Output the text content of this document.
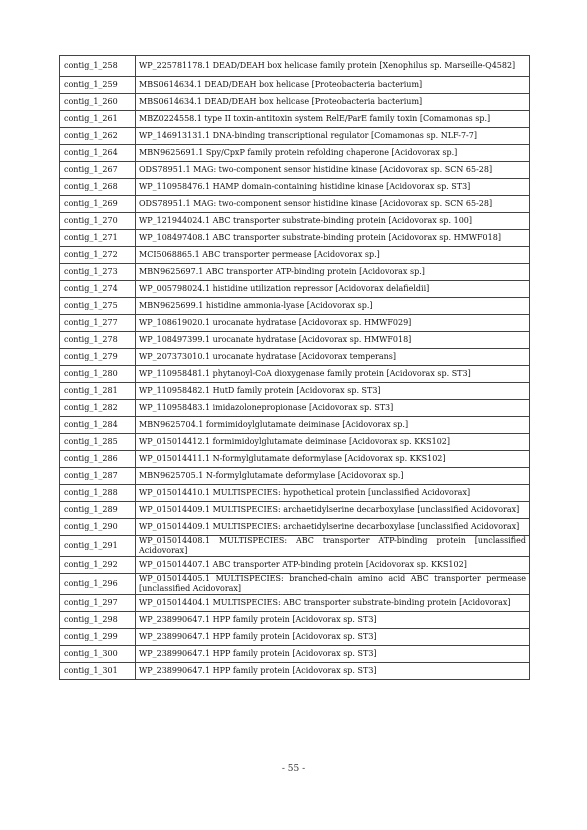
contig_1_258	WP_225781178.1 DEAD/DEAH box helicase family protein [Xenophilus sp. Marseille-Q4582]
contig_1_259	MBS0614634.1 DEAD/DEAH box helicase [Proteobacteria bacterium]
contig_1_260	MBS0614634.1 DEAD/DEAH box helicase [Proteobacteria bacterium]
contig_1_261	MBZ0224558.1 type II toxin-antitoxin system RelE/ParE family toxin [Comamonas sp.]
contig_1_262	WP_146913131.1 DNA-binding transcriptional regulator [Comamonas sp. NLF-7-7]
contig_1_264	MBN9625691.1 Spy/CpxP family protein refolding chaperone [Acidovorax sp.]
contig_1_267	ODS78951.1 MAG: two-component sensor histidine kinase [Acidovorax sp. SCN 65-28]
contig_1_268	WP_110958476.1 HAMP domain-containing histidine kinase [Acidovorax sp. ST3]
contig_1_269	ODS78951.1 MAG: two-component sensor histidine kinase [Acidovorax sp. SCN 65-28]
contig_1_270	WP_121944024.1 ABC transporter substrate-binding protein [Acidovorax sp. 100]
contig_1_271	WP_108497408.1 ABC transporter substrate-binding protein [Acidovorax sp. HMWF018]
contig_1_272	MCI5068865.1 ABC transporter permease [Acidovorax sp.]
contig_1_273	MBN9625697.1 ABC transporter ATP-binding protein [Acidovorax sp.]
contig_1_274	WP_005798024.1 histidine utilization repressor [Acidovorax delafieldii]
contig_1_275	MBN9625699.1 histidine ammonia-lyase [Acidovorax sp.]
contig_1_277	WP_108619020.1 urocanate hydratase [Acidovorax sp. HMWF029]
contig_1_278	WP_108497399.1 urocanate hydratase [Acidovorax sp. HMWF018]
contig_1_279	WP_207373010.1 urocanate hydratase [Acidovorax temperans]
contig_1_280	WP_110958481.1 phytanoyl-CoA dioxygenase family protein [Acidovorax sp. ST3]
contig_1_281	WP_110958482.1 HutD family protein [Acidovorax sp. ST3]
contig_1_282	WP_110958483.1 imidazolonepropionase [Acidovorax sp. ST3]
contig_1_284	MBN9625704.1 formimidoylglutamate deiminase [Acidovorax sp.]
contig_1_285	WP_015014412.1 formimidoylglutamate deiminase [Acidovorax sp. KKS102]
contig_1_286	WP_015014411.1 N-formylglutamate deformylase [Acidovorax sp. KKS102]
contig_1_287	MBN9625705.1 N-formylglutamate deformylase [Acidovorax sp.]
contig_1_288	WP_015014410.1 MULTISPECIES: hypothetical protein [unclassified Acidovorax]
contig_1_289	WP_015014409.1 MULTISPECIES: archaetidylserine decarboxylase [unclassified Acidovorax]
contig_1_290	WP_015014409.1 MULTISPECIES: archaetidylserine decarboxylase [unclassified Acidovorax]
contig_1_291	WP_015014408.1 MULTISPECIES: ABC transporter ATP-binding protein [unclassified Acidovorax]
contig_1_292	WP_015014407.1 ABC transporter ATP-binding protein [Acidovorax sp. KKS102]
contig_1_296	WP_015014405.1 MULTISPECIES: branched-chain amino acid ABC transporter permease [unclassified Acidovorax]
contig_1_297	WP_015014404.1 MULTISPECIES: ABC transporter substrate-binding protein [Acidovorax]
contig_1_298	WP_238990647.1 HPP family protein [Acidovorax sp. ST3]
contig_1_299	WP_238990647.1 HPP family protein [Acidovorax sp. ST3]
contig_1_300	WP_238990647.1 HPP family protein [Acidovorax sp. ST3]
contig_1_301	WP_238990647.1 HPP family protein [Acidovorax sp. ST3]
- 55 -
